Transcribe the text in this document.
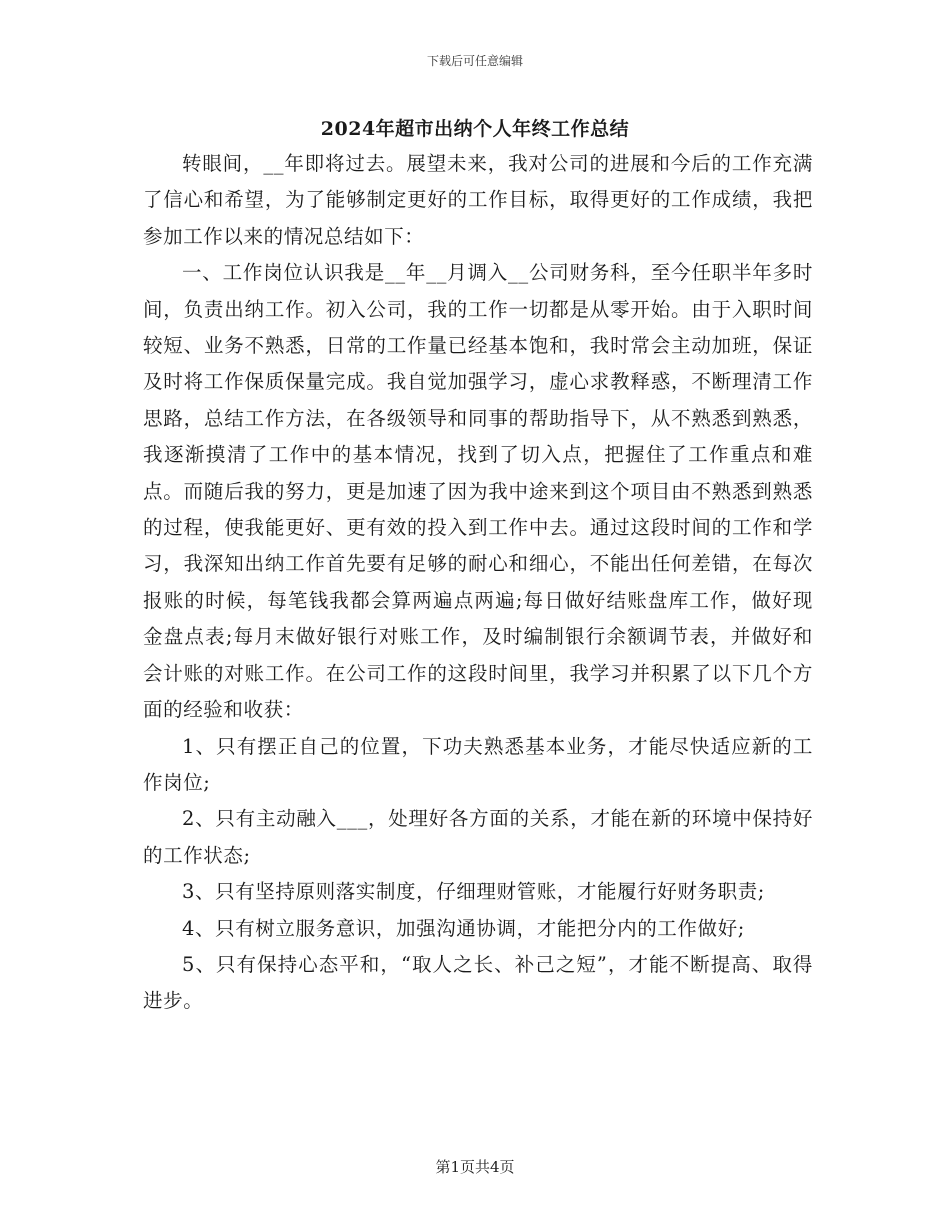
下载后可任意编辑
2024年超市出纳个人年终工作总结

转眼间，__年即将过去。展望未来，我对公司的进展和今后的工作充满了信心和希望，为了能够制定更好的工作目标，取得更好的工作成绩，我把参加工作以来的情况总结如下：

一、工作岗位认识我是__年__月调入__公司财务科，至今任职半年多时间，负责出纳工作。初入公司，我的工作一切都是从零开始。由于入职时间较短、业务不熟悉，日常的工作量已经基本饱和，我时常会主动加班，保证及时将工作保质保量完成。我自觉加强学习，虚心求教释惑，不断理清工作思路，总结工作方法，在各级领导和同事的帮助指导下，从不熟悉到熟悉，我逐渐摸清了工作中的基本情况，找到了切入点，把握住了工作重点和难点。而随后我的努力，更是加速了因为我中途来到这个项目由不熟悉到熟悉的过程，使我能更好、更有效的投入到工作中去。通过这段时间的工作和学习，我深知出纳工作首先要有足够的耐心和细心，不能出任何差错，在每次报账的时候，每笔钱我都会算两遍点两遍;每日做好结账盘库工作，做好现金盘点表;每月末做好银行对账工作，及时编制银行余额调节表，并做好和会计账的对账工作。在公司工作的这段时间里，我学习并积累了以下几个方面的经验和收获：

1、只有摆正自己的位置，下功夫熟悉基本业务，才能尽快适应新的工作岗位;

2、只有主动融入___，处理好各方面的关系，才能在新的环境中保持好的工作状态;

3、只有坚持原则落实制度，仔细理财管账，才能履行好财务职责;

4、只有树立服务意识，加强沟通协调，才能把分内的工作做好;

5、只有保持心态平和，“取人之长、补己之短”，才能不断提高、取得进步。

第1页共4页
